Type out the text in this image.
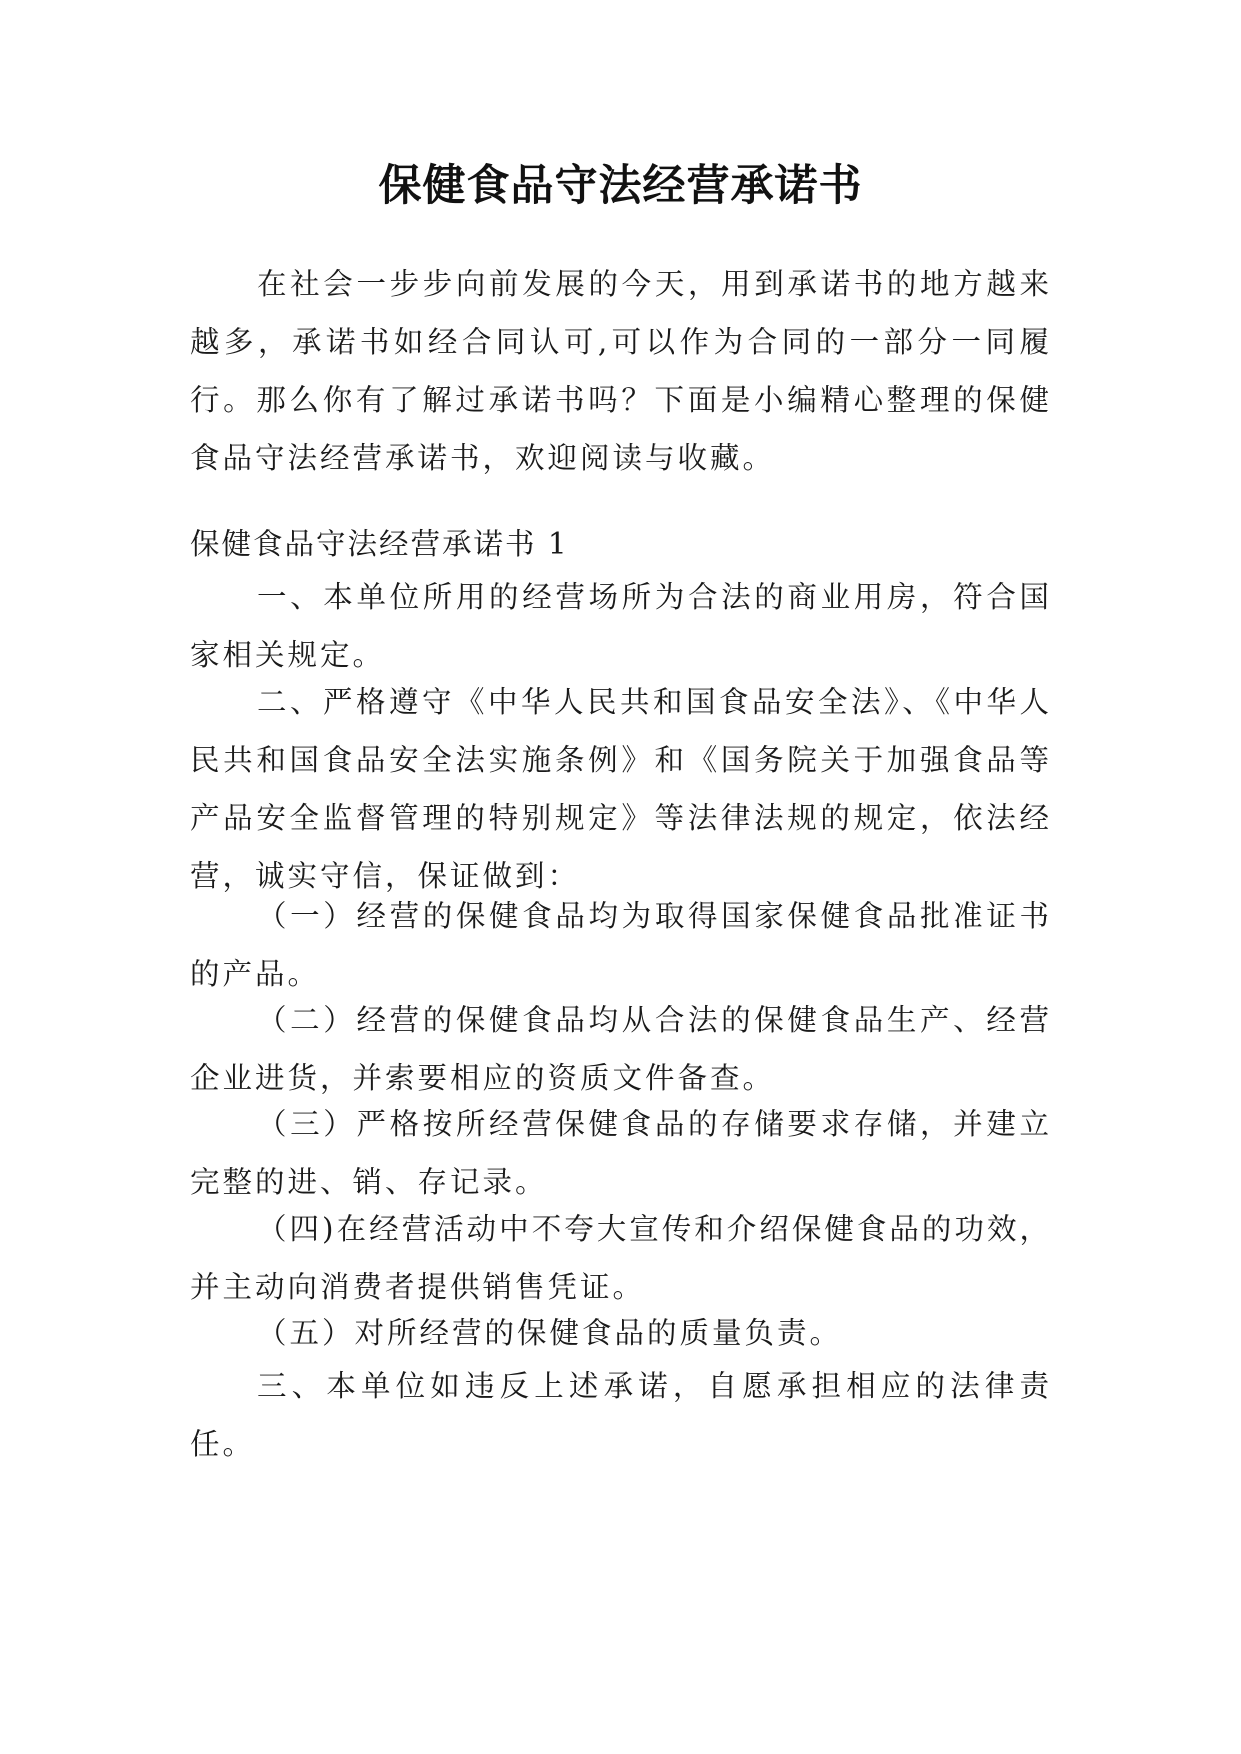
保健食品守法经营承诺书

在社会一步步向前发展的今天，用到承诺书的地方越来越多，承诺书如经合同认可,可以作为合同的一部分一同履行。那么你有了解过承诺书吗？下面是小编精心整理的保健食品守法经营承诺书，欢迎阅读与收藏。

保健食品守法经营承诺书 1

一、本单位所用的经营场所为合法的商业用房，符合国家相关规定。

二、严格遵守《中华人民共和国食品安全法》、《中华人民共和国食品安全法实施条例》和《国务院关于加强食品等产品安全监督管理的特别规定》等法律法规的规定，依法经营，诚实守信，保证做到：

（一）经营的保健食品均为取得国家保健食品批准证书的产品。

（二）经营的保健食品均从合法的保健食品生产、经营企业进货，并索要相应的资质文件备查。

（三）严格按所经营保健食品的存储要求存储，并建立完整的进、销、存记录。

（四)在经营活动中不夸大宣传和介绍保健食品的功效，并主动向消费者提供销售凭证。

（五）对所经营的保健食品的质量负责。

三、本单位如违反上述承诺，自愿承担相应的法律责任。
